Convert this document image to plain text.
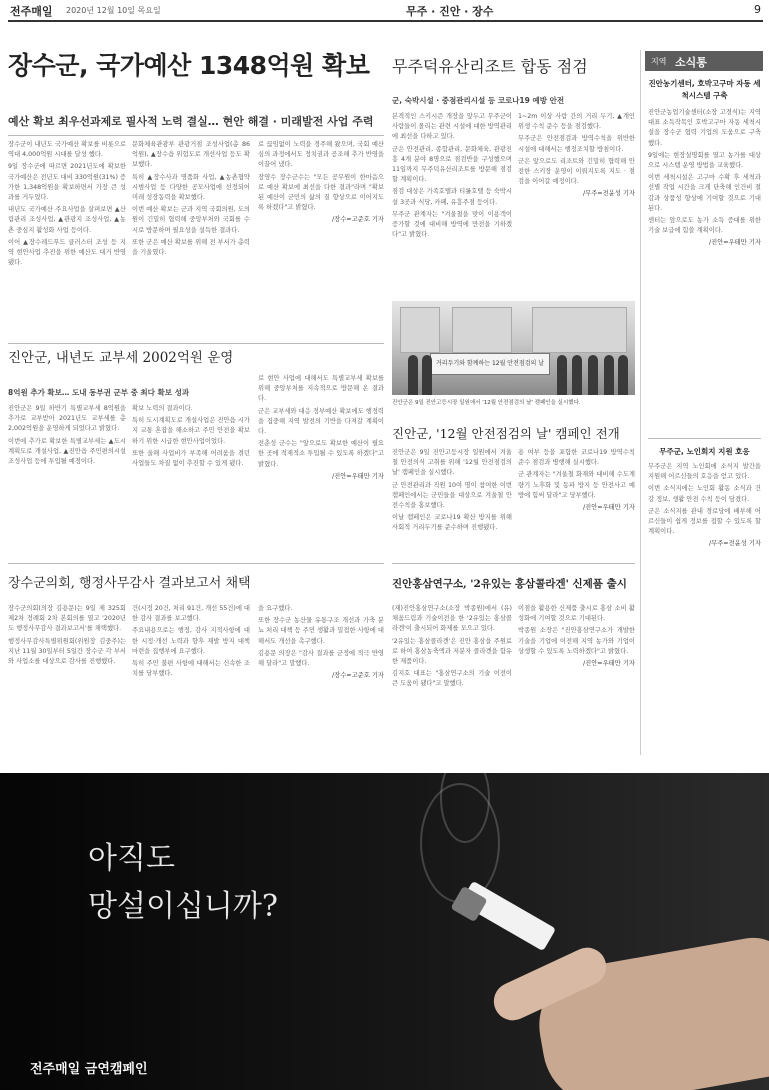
전주매일 2020년 12월 10일 목요일	무주 · 진안 · 장수	9
장수군, 국가예산 1348억원 확보
예산 확보 최우선과제로 필사적 노력 결실… 현안 해결 · 미래발전 사업 주력

장수군이 내년도 국가예산 확보를 비롯으로 역대 4,000억원 시대를 달성 했다.

9일 장수군에 따르면 2021년도에 확보한 국가예산은 전년도 대비 330억원(31%) 증가한 1,348억원을 확보하면서 가장 큰 성과를 거두었다.

내년도 국가예산 주요사업을 살펴보면 ▲산림관리 조성사업, ▲관광지 조성사업, ▲농촌 중심지 활성화 사업 등이다.

이어 ▲장수레드푸드 클러스터 조성 등 지역 현안사업 추진을 위한 예산도 대거 반영됐다.

문화체육관광부 관광거점 조성사업(총 86억원), ▲장수읍 위험도로 개선사업 등도 확보했다.

특히 ▲장수사과 명품화 사업, ▲농촌협약 시범사업 등 다양한 공모사업에 선정되어 미래 성장동력을 확보했다.

이번 예산 확보는 군과 지역 국회의원, 도의원이 긴밀히 협력해 중앙부처와 국회를 수시로 방문하며 필요성을 설득한 결과다.

또한 군은 예산 확보를 위해 전 부서가 총력을 기울였다.

로 끊임없이 노력을 경주해 왔으며, 국회 예산 심의 과정에서도 정치권과 공조해 추가 반영을 이끌어 냈다.

장영수 장수군수는 "모든 공무원이 한마음으로 예산 확보에 최선을 다한 결과"라며 "확보된 예산이 군민의 삶의 질 향상으로 이어지도록 하겠다"고 밝혔다.

/장수=고준호 기자

무주덕유산리조트 합동 점검
군, 숙박시설 · 중점관리시설 등 코로나19 예방 안전

본격적인 스키시즌 개장을 앞두고 무주군이 사람들이 몰리는 관련 시설에 대한 방역관리에 최선을 다하고 있다.

군은 안전관리, 종합관리, 문화체육, 관광진흥 4개 분야 8명으로 점검반을 구성했으며 11일까지 무주덕유산리조트를 방문해 점검할 계획이다.

점검 대상은 가족호텔과 티롤호텔 등 숙박시설 3곳과 식당, 카페, 유흥주점 등이다.

무주군 관계자는 "겨울철을 맞이 이용객이 증가할 것에 대비해 방역에 만전을 기하겠다"고 밝혔다.

1~2m 이상 사람 간의 거리 두기, ▲개인위생 수칙 준수 등을 점검했다.

무주군은 안전점검과 방역수칙을 위반한 시설에 대해서는 행정조치할 방침이다.

군은 앞으로도 리조트와 긴밀히 협력해 안전한 스키장 운영이 이뤄지도록 지도 · 점검을 이어갈 예정이다.

/무주=전윤성 기자

거리두기와 함께하는 12월 안전점검의 날
진안군은 9일 진안고등시장 일원에서 '12월 안전점검의 날' 캠페인을 실시했다.
진안군, '12월 안전점검의 날' 캠페인 전개

진안군은 9일 진안고등시장 일원에서 겨울철 안전의식 고취를 위해 '12월 안전점검의 날' 캠페인을 실시했다.

군 안전관리과 직원 10여 명이 참여한 이번 캠페인에서는 군민들을 대상으로 겨울철 안전수칙을 홍보했다.

이날 캠페인은 코로나19 확산 방지를 위해 사회적 거리두기를 준수하며 진행됐다.

용 여부 등을 포함한 코로나19 방역수칙 준수 점검과 병행해 실시했다.

군 관계자는 "겨울철 화재와 대비해 수도계량기 노후화 및 동파 방지 등 안전사고 예방에 힘써 달라"고 당부했다.

/진안=우태만 기자

진안군, 내년도 교부세 2002억원 운영
8억원 추가 확보… 도내 동부권 군부 중 최다 확보 성과

진안군은 9일 하반기 특별교부세 8억원을 추가로 교부받아 2021년도 교부세를 총 2,002억원을 운영하게 되었다고 밝혔다.

이번에 추가로 확보한 특별교부세는 ▲도시계획도로 개설사업, ▲진안읍 주민편의시설 조성사업 등에 투입될 예정이다.

확보 노력의 결과이다.

특히 도시계획도로 개설사업은 진안읍 시가지 교통 혼잡을 해소하고 주민 안전을 확보하기 위한 시급한 현안사업이었다.

또한 올해 사업비가 부족해 어려움을 겪던 사업들도 차질 없이 추진할 수 있게 됐다.

로 현안 사업에 대해서도 특별교부세 확보를 위해 중앙부처를 지속적으로 방문해 온 결과다.

군은 교부세와 대응 정부예산 확보에도 행정력을 집중해 지역 발전의 기반을 다져갈 계획이다.

전춘성 군수는 "앞으로도 확보한 예산이 필요한 곳에 적재적소 투입될 수 있도록 하겠다"고 밝혔다.

/진안=우태만 기자

장수군의회, 행정사무감사 결과보고서 채택

장수군의회(의장 김용문)는 9일 제 325회 제2차 정례회 2차 본회의를 열고 '2020년도 행정사무감사 결과보고서'를 채택했다.

행정사무감사특별위원회(위원장 김중주)는 지난 11월 30일부터 5일간 장수군 각 부서와 사업소를 대상으로 감사를 진행했다.

건(시정 20건, 처리 91건, 개선 55건)에 대한 감사 결과를 보고했다.

주요내용으로는 행정, 감사 지적사항에 대한 시정·개선 노력과 향후 재발 방지 대책 마련을 집행부에 요구했다.

특히 주민 불편 사항에 대해서는 신속한 조치를 당부했다.

을 요구했다.

또한 장수군 농산물 유통구조 개선과 가축 분뇨 처리 대책 등 주민 생활과 밀접한 사항에 대해서도 개선을 촉구했다.

김용문 의장은 "감사 결과를 군정에 적극 반영해 달라"고 말했다.

/장수=고준호 기자

진안홍삼연구소, '2유있는 홍삼콜라겐' 신제품 출시

(재)진안홍삼연구소(소장 박종원)에서 (유)채움드림과 기술이전을 한 '2유있는 홍삼콜라겐'이 출시되어 화제를 모으고 있다.

'2유있는 홍삼콜라겐'은 진안 홍삼을 주원료로 하여 홍삼농축액과 저분자 콜라겐을 함유한 제품이다.

김지호 대표는 "홍삼연구소의 기술 이전이 큰 도움이 됐다"고 말했다.

이점을 활용한 신제품 출시로 홍삼 소비 활성화에 기여할 것으로 기대된다.

박종원 소장은 "진안홍삼연구소가 개발한 기술을 기업에 이전해 지역 농가와 기업이 상생할 수 있도록 노력하겠다"고 밝혔다.

/진안=우태만 기자

지역 소식통
진안농기센터, 호박고구마 자동 세척시스템 구축

진안군농업기술센터(소장 고경식)는 지역 대표 소득작목인 호박고구마 자동 세척시설을 장수군 협력 기업의 도움으로 구축했다.

9일에는 현장설명회를 열고 농가를 대상으로 시스템 운영 방법을 교육했다.

이번 세척시설은 고구마 수확 후 세척과 선별 작업 시간을 크게 단축해 인건비 절감과 상품성 향상에 기여할 것으로 기대된다.

센터는 앞으로도 농가 소득 증대를 위한 기술 보급에 힘쓸 계획이다.

/진안=우태만 기자

무주군, 노인회지 지원 호응

무주군은 지역 노인회에 소식지 발간을 지원해 어르신들의 호응을 얻고 있다.

이번 소식지에는 노인회 활동 소식과 건강 정보, 생활 안전 수칙 등이 담겼다.

군은 소식지를 관내 경로당에 배부해 어르신들이 쉽게 정보를 접할 수 있도록 할 계획이다.

/무주=전윤성 기자

아직도
망설이십니까?
전주매일 금연캠페인
